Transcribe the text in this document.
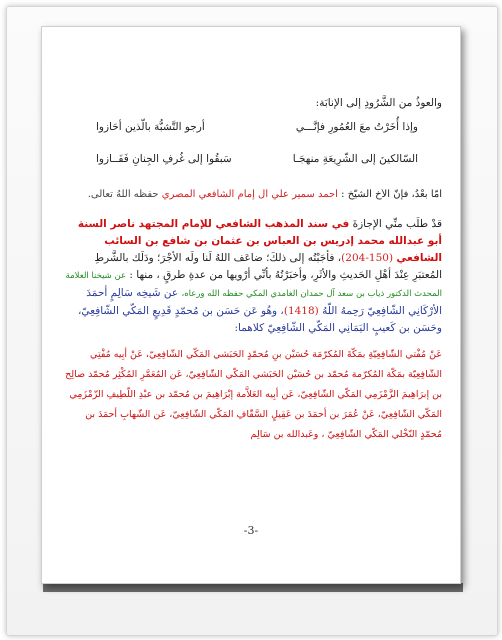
والعوذُ من الشَّرُودِ إلى الإنابَة:
وإذا أُخَرْتُ معَ العُمُورِ فإنَّـــي
أرجو التَّشبُّهَ بالّذين أحَازوا
السّالكينَ إلى الشّرِيعَةِ منهجَـا
سَبقُوا إلى غُرفِ الجِنانِ فَفَــازوا
أمّا بعْدُ، فإنَّ الأخ الشيّخ : أحمد سمير علي آل إمام الشافعي المصري حفظه اللهُ تعالى.
قدْ طلَب منِّي الإجازةَ في سند المذهب الشافعي للإمام المجتهد ناصر السنة أبو عبدالله محمد إدريس بن العباس بن عثمان بن شافع بن السائب الشافعي (150-204)، فأجَبْتُه إلى ذلكَ؛ ضاعَف اللهُ لَنا ولَه الأجْرَ؛ ودَلَك بالشَّرطِ المُعتبَرِ عِنْدَ أهْلِ الحَديثِ والأثَرِ، وأخبَرْتُهُ بأنِّي أرْويها من عدةِ طرقٍ ، منها : عن شيخنا العلامة المحدث الدكتور ذياب بن سعد آل حمدان الغامدي المكي حفظه الله ورعاه، عن شَيخِه سَالِمٍ أحمَدَ الأرْكَانِي الشّافِعِيّ رَحِمهُ اللّهُ (1418)، وهُو عَن حَسَن بن مُحمّدٍ قَدِيعٍ المَكّي الشّافِعِيّ، وحَسَن بن كَعيبٍ اليَمَانِي المَكّي الشّافِعِيّ كلاهما:
عَنْ مُفْتي الشّافِعِيّةِ بمَكّةَ المُكرّمَة حُسَيْن بنِ مُحمّدٍ الحَبَشي المَكّي الشّافِعِيّ، عَنْ أبِيه مُفْتِي الشّافِعِيّة بمَكّة المُكرّمة مُحمّد بن حُسَيْن الحَبَشي المَكّي الشّافِعِيّ، عَن المُعَمَّرِ المُكْثِر مُحمّد صالِح بن إبرَاهِيمَ الزَّمْزَمِي المَكّي الشّافِعِيّ، عَن أبِيه العَلاَّمة إبْرَاهِيمَ بن مُحمّد بن عبْدِ اللّطِيفِ الزّمْزَمِي المَكّي الشّافِعِيّ، عَنْ عُمَرَ بن أحمَدَ بن عَقِيلٍ السَّقّافِ المَكّي الشّافِعِيّ، عَن الشّهابِ أحمَدَ بن مُحمّدٍ النّخْلي المَكّي الشّافِعِيّ ، وعَبدالله بن سَالِم
-3-
